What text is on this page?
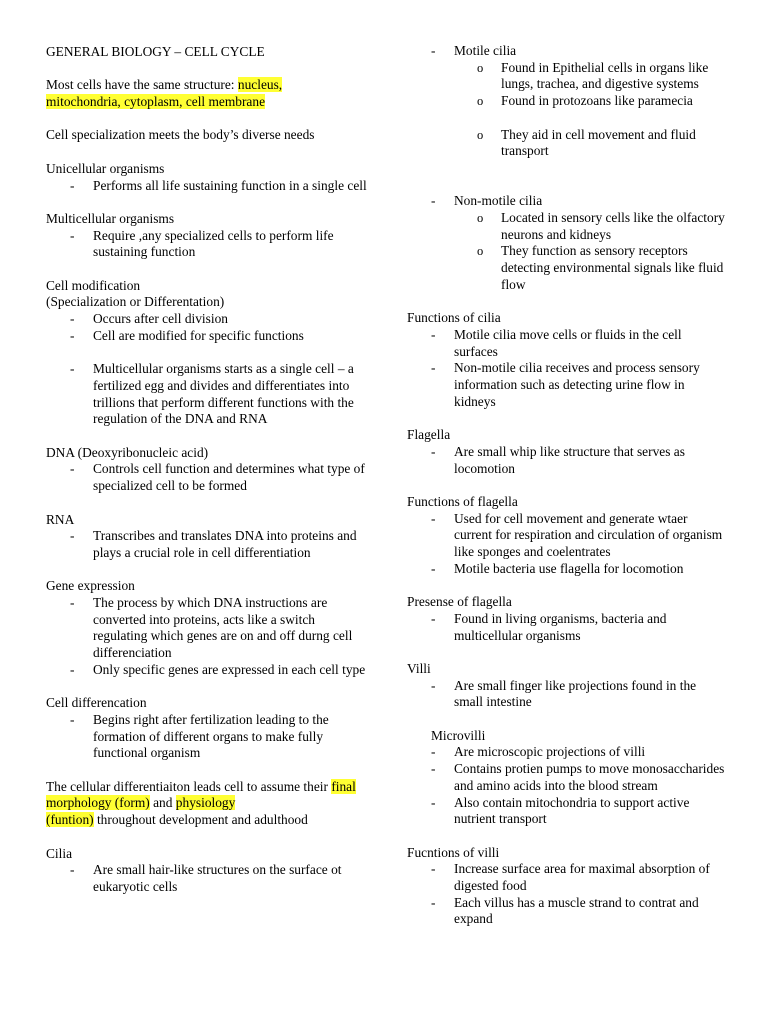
GENERAL BIOLOGY – CELL CYCLE

Most cells have the same structure: nucleus,
mitochondria, cytoplasm, cell membrane

Cell specialization meets the body’s diverse needs

Unicellular organisms

- Performs all life sustaining function in a single cell

Multicellular organisms

- Require ,any specialized cells to perform life sustaining function

Cell modification

(Specialization or Differentation)

- Occurs after cell division
- Cell are modified for specific functions
- Multicellular organisms starts as a single cell – a fertilized egg and divides and differentiates into trillions that perform different functions with the regulation of the DNA and RNA

DNA (Deoxyribonucleic acid)

- Controls cell function and determines what type of specialized cell to be formed

RNA

- Transcribes and translates DNA into proteins and plays a crucial role in cell differentiation

Gene expression

- The process by which DNA instructions are converted into proteins, acts like a switch regulating which genes are on and off durng cell differenciation
- Only specific genes are expressed in each cell type

Cell differencation

- Begins right after fertilization leading to the formation of different organs to make fully functional organism

The cellular differentiaiton leads cell to assume their final morphology (form) and physiology
(funtion) throughout development and adulthood

Cilia

- Are small hair-like structures on the surface ot eukaryotic cells
- Motile cilia
o Found in Epithelial cells in organs like lungs, trachea, and digestive systems
o Found in protozoans like paramecia
o They aid in cell movement and fluid transport
- Non-motile cilia
o Located in sensory cells like the olfactory neurons and kidneys
o They function as sensory receptors detecting environmental signals like fluid flow

Functions of cilia

- Motile cilia move cells or fluids in the cell surfaces
- Non-motile cilia receives and process sensory information such as detecting urine flow in kidneys

Flagella

- Are small whip like structure that serves as locomotion

Functions of flagella

- Used for cell movement and generate wtaer current for respiration and circulation of organism like sponges and coelentrates
- Motile bacteria use flagella for locomotion

Presense of flagella

- Found in living organisms, bacteria and multicellular organisms

Villi

- Are small finger like projections found in the small intestine

Microvilli

- Are microscopic projections of villi
- Contains protien pumps to move monosaccharides and amino acids into the blood stream
- Also contain mitochondria to support active nutrient transport

Fucntions of villi

- Increase surface area for maximal absorption of digested food
- Each villus has a muscle strand to contrat and expand
